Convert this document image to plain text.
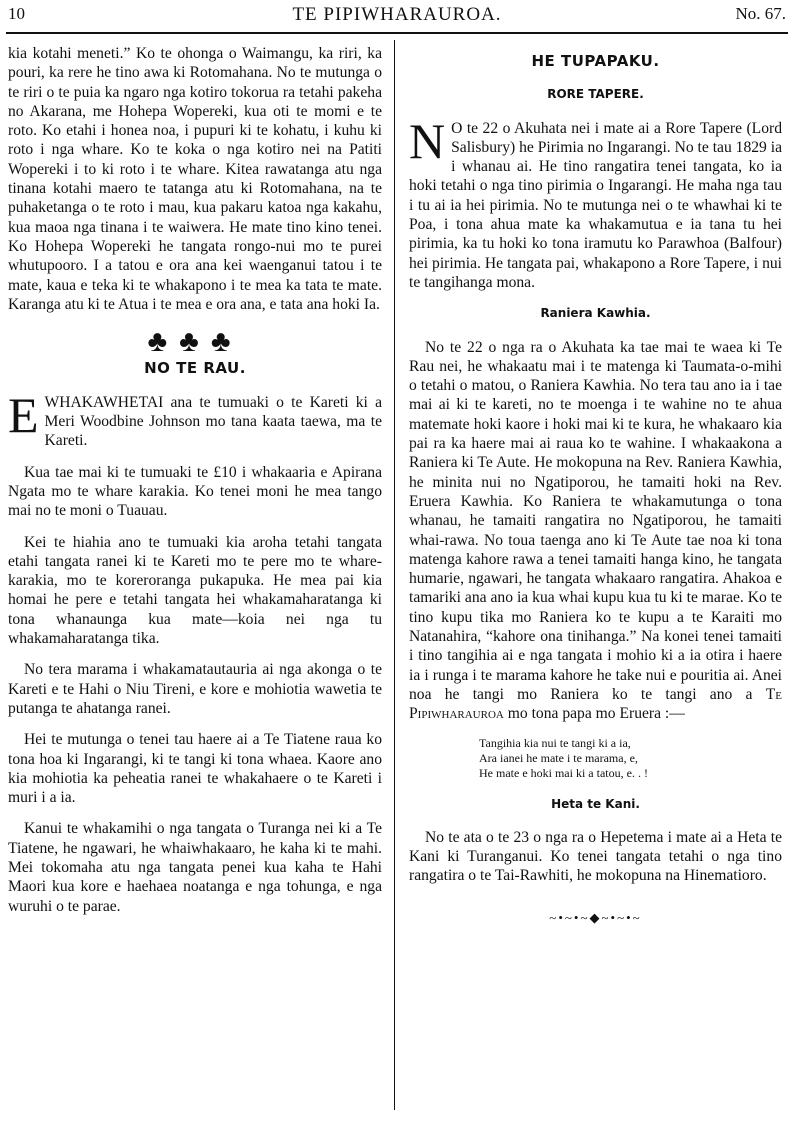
10	TE PIPIWHARAUROA.	No. 67.

kia kotahi meneti.” Ko te ohonga o Waimangu, ka riri, ka pouri, ka rere he tino awa ki Rotomahana. No te mutunga o te riri o te puia ka ngaro nga kotiro tokorua ra tetahi pakeha no Akarana, me Hohepa Wopereki, kua oti te momi e te roto. Ko etahi i honea noa, i pupuri ki te kohatu, i kuhu ki roto i nga whare. Ko te koka o nga kotiro nei na Patiti Wopereki i to ki roto i te whare. Kitea rawatanga atu nga tinana kotahi maero te tatanga atu ki Rotomahana, na te puhaketanga o te roto i mau, kua pakaru katoa nga kakahu, kua maoa nga tinana i te waiwera. He mate tino kino tenei. Ko Hohepa Wopereki he tangata rongo-nui mo te purei whutupooro. I a tatou e ora ana kei waenganui tatou i te mate, kaua e teka ki te whakapono i te mea ka tata te mate. Karanga atu ki te Atua i te mea e ora ana, e tata ana hoki Ia.

♣♣♣
NO TE RAU.

EWHAKAWHETAI ana te tumuaki o te Kareti ki a Meri Woodbine Johnson mo tana kaata taewa, ma te Kareti.

Kua tae mai ki te tumuaki te £10 i whakaaria e Apirana Ngata mo te whare karakia. Ko tenei moni he mea tango mai no te moni o Tuauau.

Kei te hiahia ano te tumuaki kia aroha tetahi tangata etahi tangata ranei ki te Kareti mo te pere mo te whare-karakia, mo te koreroranga pukapuka. He mea pai kia homai he pere e tetahi tangata hei whakamaharatanga ki tona whanaunga kua mate—koia nei nga tu whakamaharatanga tika.

No tera marama i whakamatautauria ai nga akonga o te Kareti e te Hahi o Niu Tireni, e kore e mohiotia wawetia te putanga te ahatanga ranei.

Hei te mutunga o tenei tau haere ai a Te Tiatene raua ko tona hoa ki Ingarangi, ki te tangi ki tona whaea. Kaore ano kia mohiotia ka peheatia ranei te whakahaere o te Kareti i muri i a ia.

Kanui te whakamihi o nga tangata o Turanga nei ki a Te Tiatene, he ngawari, he whaiwhakaaro, he kaha ki te mahi. Mei tokomaha atu nga tangata penei kua kaha te Hahi Maori kua kore e haehaea noatanga e nga tohunga, e nga wuruhi o te parae.

HE TUPAPAKU.
RORE TAPERE.

N O te 22 o Akuhata nei i mate ai a Rore Tapere (Lord Salisbury) he Pirimia no Ingarangi. No te tau 1829 ia i whanau ai. He tino rangatira tenei tangata, ko ia hoki tetahi o nga tino pirimia o Ingarangi. He maha nga tau i tu ai ia hei pirimia. No te mutunga nei o te whawhai ki te Poa, i tona ahua mate ka whakamutua e ia tana tu hei pirimia, ka tu hoki ko tona iramutu ko Parawhoa (Balfour) hei pirimia. He tangata pai, whakapono a Rore Tapere, i nui te tangihanga mona.

Raniera Kawhia.

No te 22 o nga ra o Akuhata ka tae mai te waea ki Te Rau nei, he whakaatu mai i te matenga ki Taumata-o-mihi o tetahi o matou, o Raniera Kawhia. No tera tau ano ia i tae mai ai ki te kareti, no te moenga i te wahine no te ahua matemate hoki kaore i hoki mai ki te kura, he whakaaro kia pai ra ka haere mai ai raua ko te wahine. I whakaakona a Raniera ki Te Aute. He mokopuna na Rev. Raniera Kawhia, he minita nui no Ngatiporou, he tamaiti hoki na Rev. Eruera Kawhia. Ko Raniera te whakamutunga o tona whanau, he tamaiti rangatira no Ngatiporou, he tamaiti whai-rawa. No toua taenga ano ki Te Aute tae noa ki tona matenga kahore rawa a tenei tamaiti hanga kino, he tangata humarie, ngawari, he tangata whakaaro rangatira. Ahakoa e tamariki ana ano ia kua whai kupu kua tu ki te marae. Ko te tino kupu tika mo Raniera ko te kupu a te Karaiti mo Natanahira, “kahore ona tinihanga.” Na konei tenei tamaiti i tino tangihia ai e nga tangata i mohio ki a ia otira i haere ia i runga i te marama kahore he take nui e pouritia ai. Anei noa he tangi mo Raniera ko te tangi ano a Te Pipiwharauroa mo tona papa mo Eruera :—

Tangihia kia nui te tangi ki a ia,
Ara ianei he mate i te marama, e,
He mate e hoki mai ki a tatou, e. . !
Heta te Kani.

No te ata o te 23 o nga ra o Hepetema i mate ai a Heta te Kani ki Turanganui. Ko tenei tangata tetahi o nga tino rangatira o te Tai-Rawhiti, he mokopuna na Hinematioro.

~•~•~◆~•~•~
